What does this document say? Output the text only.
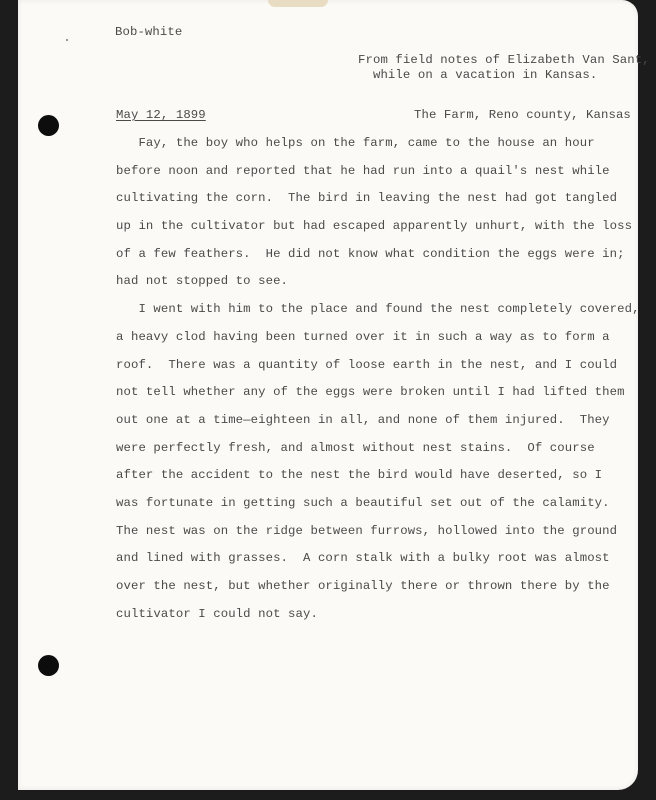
Bob-white
From field notes of Elizabeth Van Sant,
while on a vacation in Kansas.
May 12, 1899	The Farm, Reno county, Kansas
Fay, the boy who helps on the farm, came to the house an hour
before noon and reported that he had run into a quail's nest while
cultivating the corn.  The bird in leaving the nest had got tangled
up in the cultivator but had escaped apparently unhurt, with the loss
of a few feathers.  He did not know what condition the eggs were in;
had not stopped to see.
I went with him to the place and found the nest completely covered,
a heavy clod having been turned over it in such a way as to form a
roof.  There was a quantity of loose earth in the nest, and I could
not tell whether any of the eggs were broken until I had lifted them
out one at a time—eighteen in all, and none of them injured.  They
were perfectly fresh, and almost without nest stains.  Of course
after the accident to the nest the bird would have deserted, so I
was fortunate in getting such a beautiful set out of the calamity.
The nest was on the ridge between furrows, hollowed into the ground
and lined with grasses.  A corn stalk with a bulky root was almost
over the nest, but whether originally there or thrown there by the
cultivator I could not say.
